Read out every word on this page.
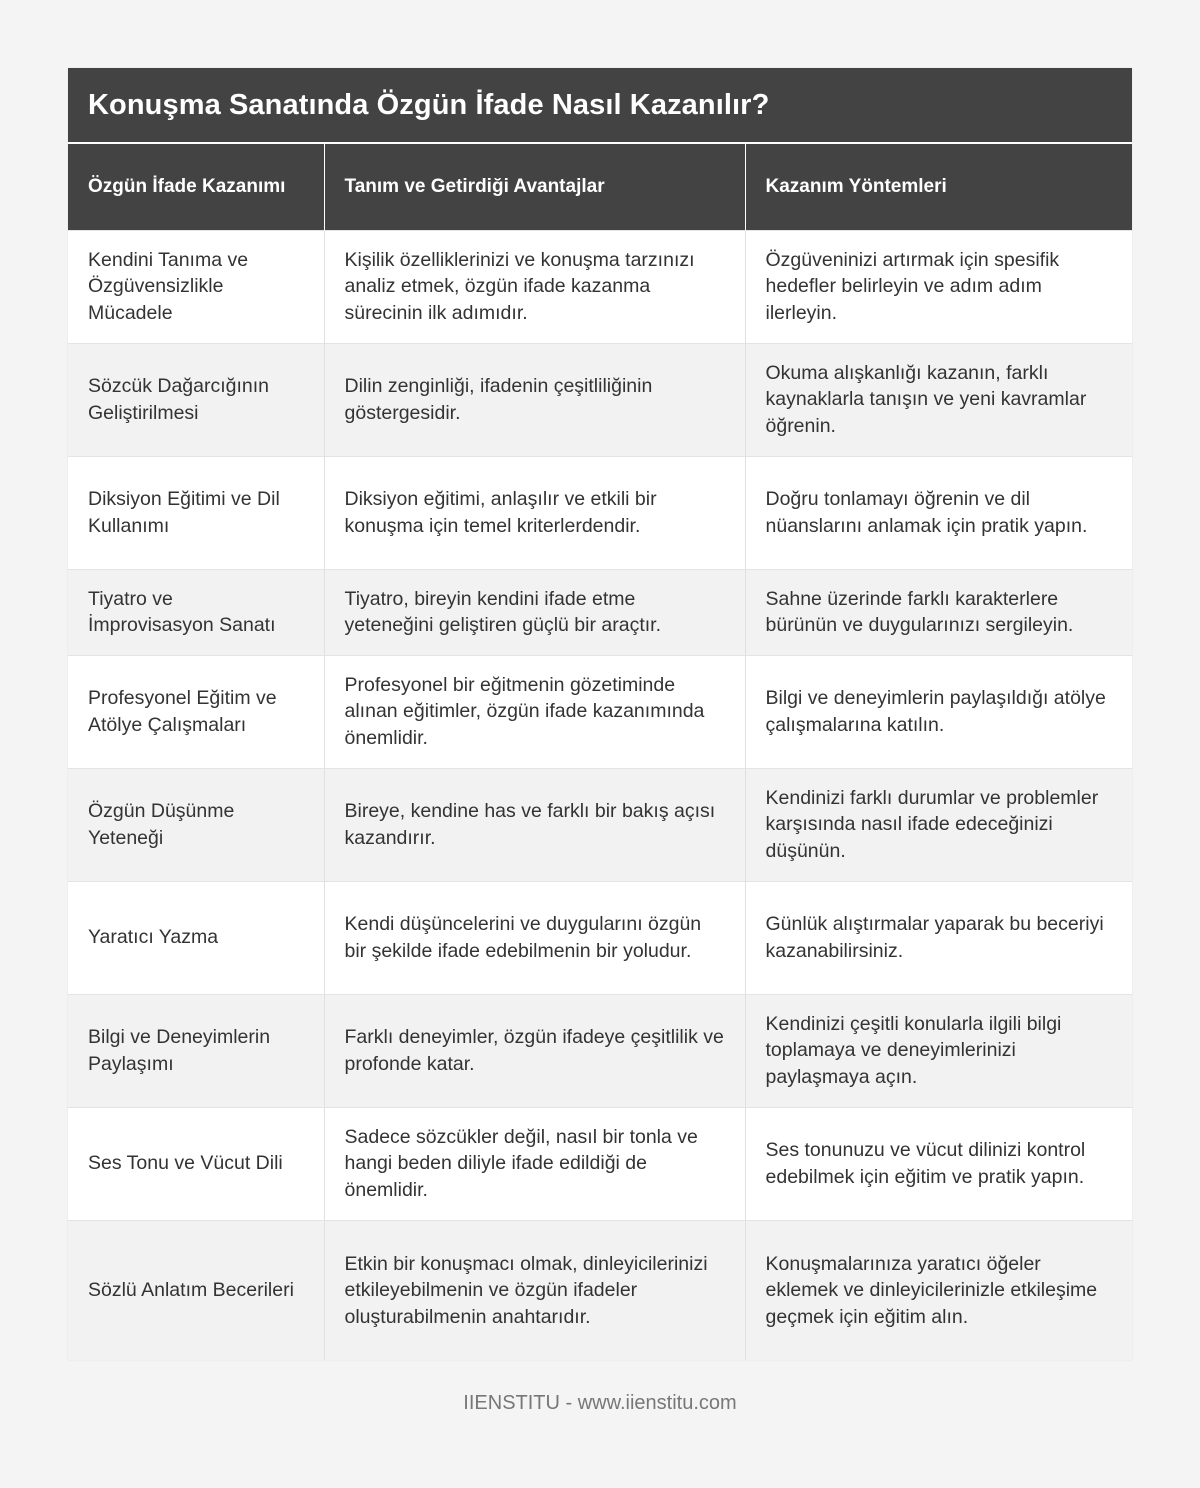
Konuşma Sanatında Özgün İfade Nasıl Kazanılır?
Özgün İfade Kazanımı	Tanım ve Getirdiği Avantajlar	Kazanım Yöntemleri
Kendini Tanıma ve Özgüvensizlikle Mücadele	Kişilik özelliklerinizi ve konuşma tarzınızı analiz etmek, özgün ifade kazanma sürecinin ilk adımıdır.	Özgüveninizi artırmak için spesifik hedefler belirleyin ve adım adım ilerleyin.
Sözcük Dağarcığının Geliştirilmesi	Dilin zenginliği, ifadenin çeşitliliğinin göstergesidir.	Okuma alışkanlığı kazanın, farklı kaynaklarla tanışın ve yeni kavramlar öğrenin.
Diksiyon Eğitimi ve Dil Kullanımı	Diksiyon eğitimi, anlaşılır ve etkili bir konuşma için temel kriterlerdendir.	Doğru tonlamayı öğrenin ve dil nüanslarını anlamak için pratik yapın.
Tiyatro ve İmprovisasyon Sanatı	Tiyatro, bireyin kendini ifade etme yeteneğini geliştiren güçlü bir araçtır.	Sahne üzerinde farklı karakterlere bürünün ve duygularınızı sergileyin.
Profesyonel Eğitim ve Atölye Çalışmaları	Profesyonel bir eğitmenin gözetiminde alınan eğitimler, özgün ifade kazanımında önemlidir.	Bilgi ve deneyimlerin paylaşıldığı atölye çalışmalarına katılın.
Özgün Düşünme Yeteneği	Bireye, kendine has ve farklı bir bakış açısı kazandırır.	Kendinizi farklı durumlar ve problemler karşısında nasıl ifade edeceğinizi düşünün.
Yaratıcı Yazma	Kendi düşüncelerini ve duygularını özgün bir şekilde ifade edebilmenin bir yoludur.	Günlük alıştırmalar yaparak bu beceriyi kazanabilirsiniz.
Bilgi ve Deneyimlerin Paylaşımı	Farklı deneyimler, özgün ifadeye çeşitlilik ve profonde katar.	Kendinizi çeşitli konularla ilgili bilgi toplamaya ve deneyimlerinizi paylaşmaya açın.
Ses Tonu ve Vücut Dili	Sadece sözcükler değil, nasıl bir tonla ve hangi beden diliyle ifade edildiği de önemlidir.	Ses tonunuzu ve vücut dilinizi kontrol edebilmek için eğitim ve pratik yapın.
Sözlü Anlatım Becerileri	Etkin bir konuşmacı olmak, dinleyicilerinizi etkileyebilmenin ve özgün ifadeler oluşturabilmenin anahtarıdır.	Konuşmalarınıza yaratıcı öğeler eklemek ve dinleyicilerinizle etkileşime geçmek için eğitim alın.
IIENSTITU - www.iienstitu.com
